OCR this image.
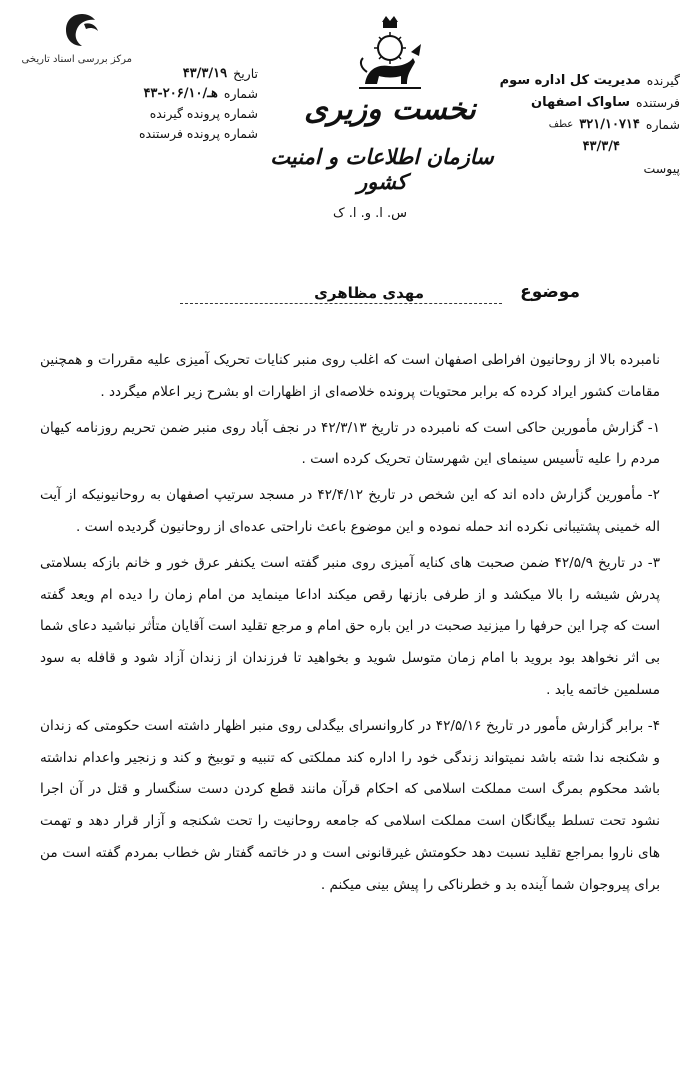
مرکز بررسی اسناد تاریخی
تاریخ
۴۳/۳/۱۹
شماره
۴۳-۲۰۶/۱۰/هـ
شماره پرونده گیرنده
شماره پرونده فرستنده
نخست وزیری
سازمان اطلاعات و امنیت کشور
س. ا. و. ا. ک
گیرنده
مدیریت کل اداره سوم
فرستنده
ساواک اصفهان
شماره
۳۲۱/۱۰۷۱۴
عطف
۴۳/۳/۴
پیوست
موضوع
مهدی مظاهری

نامبرده بالا از روحانیون افراطی اصفهان است که اغلب روی منبر کنایات تحریک آمیزی علیه مقررات و همچنین مقامات کشور ایراد کرده که برابر محتویات پرونده خلاصه‌ای از اظهارات او بشرح زیر اعلام میگردد .

۱- گزارش مأمورین حاکی است که نامبرده در تاریخ ۴۲/۳/۱۳ در نجف آباد روی منبر ضمن تحریم روزنامه کیهان مردم را علیه تأسیس سینمای این شهرستان تحریک کرده است .

۲- مأمورین گزارش داده اند که این شخص در تاریخ ۴۲/۴/۱۲ در مسجد سرتیپ اصفهان به روحانیونیکه از آیت اله خمینی پشتیبانی نکرده اند حمله نموده و این موضوع باعث ناراحتی عده‌ای از روحانیون گردیده است .

۳- در تاریخ ۴۲/۵/۹ ضمن صحبت های کنایه آمیزی روی منبر گفته است یکنفر عرق خور و خانم بازکه بسلامتی پدرش شیشه را بالا میکشد و از طرفی بازنها رقص میکند اداعا مینماید من امام زمان را دیده ام ویعد گفته است که چرا این حرفها را میزنید صحبت در این باره حق امام و مرجع تقلید است آقایان متأثر نباشید دعای شما بی اثر نخواهد بود بروید با امام زمان متوسل شوید و بخواهید تا فرزندان از زندان آزاد شود و قافله به سود مسلمین خاتمه یابد .

۴- برابر گزارش مأمور در تاریخ ۴۲/۵/۱۶ در کاروانسرای بیگدلی روی منبر اظهار داشته است حکومتی که زندان و شکنجه ندا شته باشد نمیتواند زندگی خود را اداره کند مملکتی که تنبیه و توبیخ و کند و زنجیر واعدام نداشته باشد محکوم بمرگ است مملکت اسلامی که احکام قرآن مانند قطع کردن دست سنگسار و قتل در آن اجرا نشود تحت تسلط بیگانگان است مملکت اسلامی که جامعه روحانیت را تحت شکنجه و آزار قرار دهد و تهمت های ناروا بمراجع تقلید نسبت دهد حکومتش غیرقانونی است و در خاتمه گفتار ش خطاب بمردم گفته است من برای پیروجوان شما آینده بد و خطرناکی را پیش بینی میکنم .
